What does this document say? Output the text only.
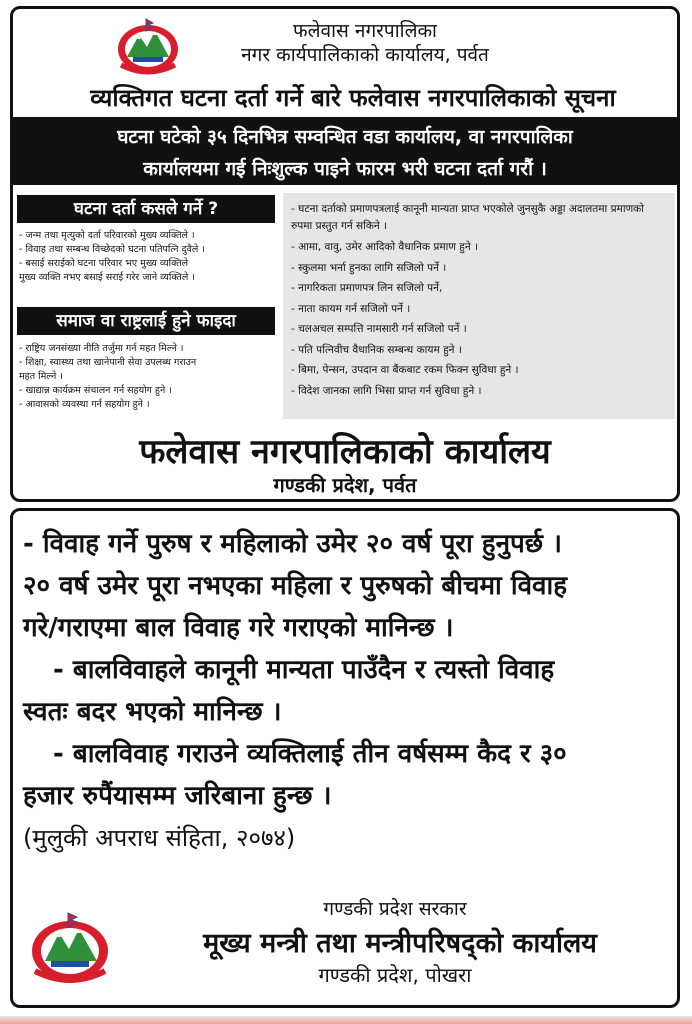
फलेवास नगरपालिका
नगर कार्यपालिकाको कार्यालय, पर्वत
व्यक्तिगत घटना दर्ता गर्ने बारे फलेवास नगरपालिकाको सूचना
घटना घटेको ३५ दिनभित्र सम्वन्धित वडा कार्यालय, वा नगरपालिका
कार्यालयमा गई निःशुल्क पाइने फारम भरी घटना दर्ता गरौं ।
घटना दर्ता कसले गर्ने ?
- जन्म तथा मृत्युको दर्ता परिवारको मुख्य व्यक्तिले ।
- विवाह तथा सम्बन्ध विच्छेदको घटना पतिपत्नि दुवैले ।
- बसाई सराईको घटना परिवार भए मुख्य व्यक्तिले
मुख्य व्यक्ति नभए बसाई सराई गरेर जाने व्यक्तिले ।
समाज वा राष्ट्रलाई हुने फाइदा
- राष्ट्रिय जनसंख्या नीति तर्जुमा गर्न महत मिल्ने ।
- शिक्षा, स्वास्थ्य तथा खानेपानी सेवा उपलब्ध गराउन
महत मिल्ने ।
- खाद्यान्न कार्यक्रम संचालन गर्न सहयोग हुने ।
- आवासको व्यवस्था गर्न सहयोग हुने ।
- घटना दर्ताको प्रमाणपत्रलाई कानूनी मान्यता प्राप्त भएकोले जुनसुकै अड्डा अदालतमा प्रमाणको रुपमा प्रस्तुत गर्न सकिने ।
- आमा, वावु, उमेर आदिको वैधानिक प्रमाण हुने ।
- स्कुलमा भर्ना हुनका लागि सजिलो पर्ने ।
- नागरिकता प्रमाणपत्र लिन सजिलो पर्ने,
- नाता कायम गर्न सजिलो पर्ने ।
- चलअचल सम्पत्ति नामसारी गर्न सजिलो पर्ने ।
- पति पत्निवीच वैधानिक सम्बन्ध कायम हुने ।
- बिमा, पेन्सन, उपदान वा बैंकबाट रकम फिक्न सुविधा हुने ।
- विदेश जानका लागि भिसा प्राप्त गर्न सुविधा हुने ।
फलेवास नगरपालिकाको कार्यालय
गण्डकी प्रदेश, पर्वत
- विवाह गर्ने पुरुष र महिलाको उमेर २० वर्ष पूरा हुनुपर्छ ।
२० वर्ष उमेर पूरा नभएका महिला र पुरुषको बीचमा विवाह
गरे/गराएमा बाल विवाह गरे गराएको मानिन्छ ।
- बालविवाहले कानूनी मान्यता पाउँदैन र त्यस्तो विवाह
स्वतः बदर भएको मानिन्छ ।
- बालविवाह गराउने व्यक्तिलाई तीन वर्षसम्म कैद र ३०
हजार रुपैंयासम्म जरिबाना हुन्छ ।
(मुलुकी अपराध संहिता, २०७४)
गण्डकी प्रदेश सरकार
मूख्य मन्त्री तथा मन्त्रीपरिषद्को कार्यालय
गण्डकी प्रदेश, पोखरा
